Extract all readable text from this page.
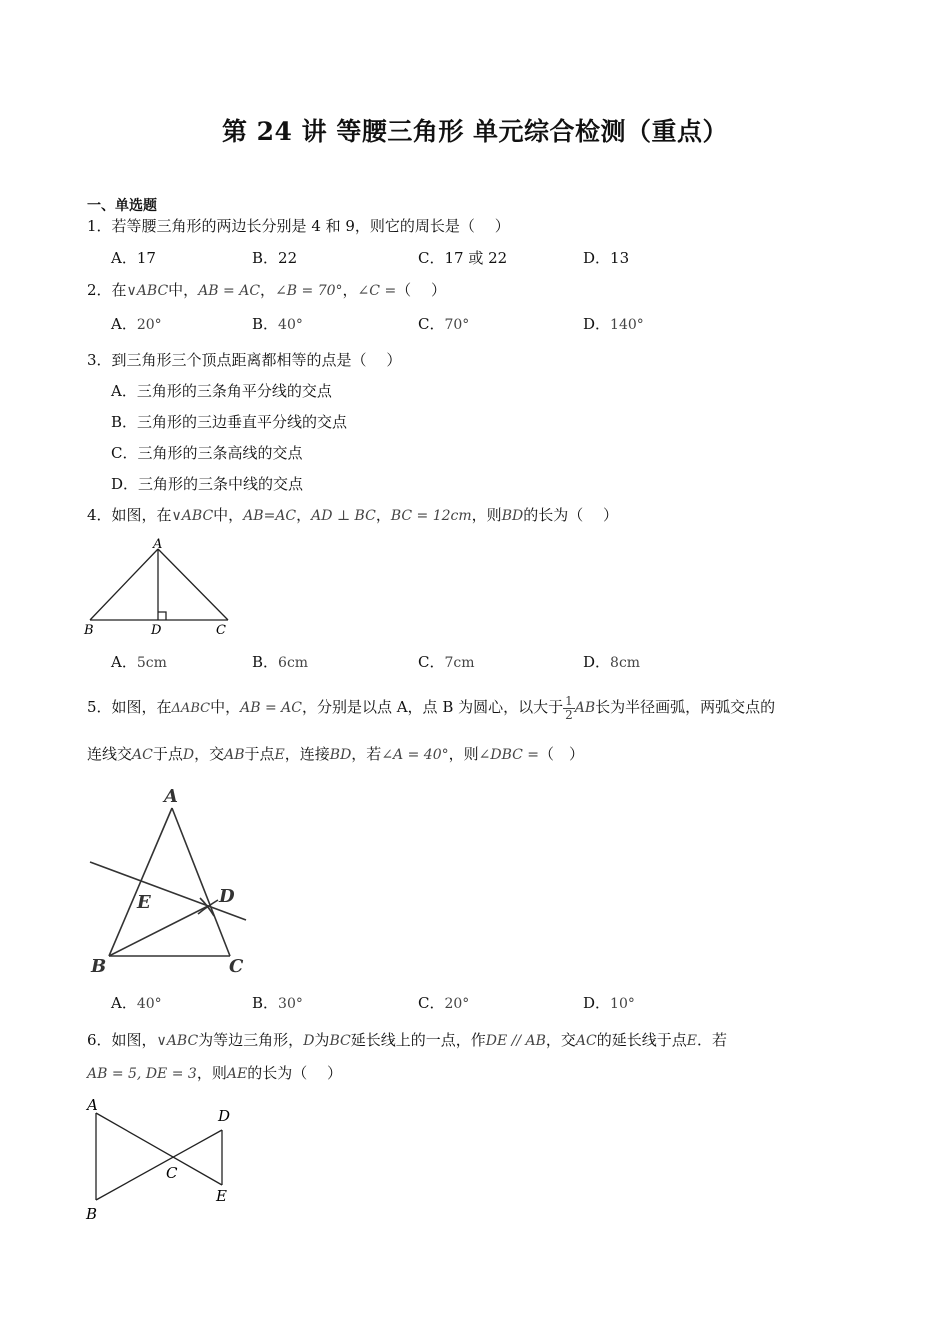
第 24 讲 等腰三角形 单元综合检测（重点）
一、单选题
1．若等腰三角形的两边长分别是 4 和 9，则它的周长是（　 ）
A．17	B．22	C．17 或 22	D．13
2．在∨ABC中，AB = AC，∠B = 70°，∠C =（　 ）
A．20°	B．40°	C．70°	D．140°
3．到三角形三个顶点距离都相等的点是（　 ）
A．三角形的三条角平分线的交点
B．三角形的三边垂直平分线的交点
C．三角形的三条高线的交点
D．三角形的三条中线的交点
4．如图，在∨ABC中，AB=AC，AD ⊥ BC，BC = 12cm，则BD的长为（　 ）
A
B	D	C
A．5cm	B．6cm	C．7cm	D．8cm
5．如图，在ΔABC中，AB = AC，分别是以点 A，点 B 为圆心，以大于 $\frac{1}{2}$ AB长为半径画弧，两弧交点的
连线交AC于点D，交AB于点E，连接BD，若∠A = 40°，则∠DBC =（　）
A
E	D
B	C
A．40°	B．30°	C．20°	D．10°
6．如图，∨ABC为等边三角形，D为BC延长线上的一点，作DE // AB，交AC的延长线于点E．若
AB = 5, DE = 3，则AE的长为（　 ）
A
B
C
D
E
